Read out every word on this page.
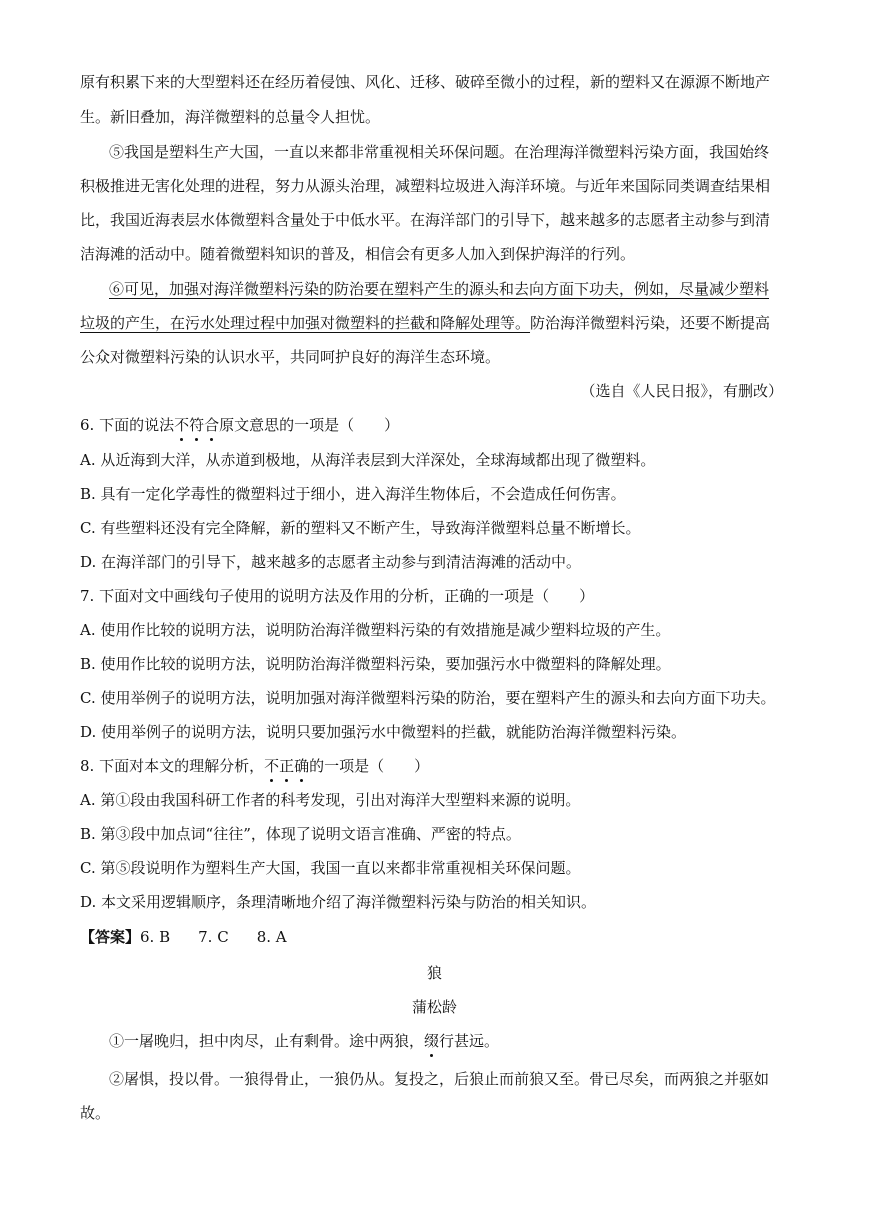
原有积累下来的大型塑料还在经历着侵蚀、风化、迁移、破碎至微小的过程，新的塑料又在源源不断地产
生。新旧叠加，海洋微塑料的总量令人担忧。
⑤我国是塑料生产大国，一直以来都非常重视相关环保问题。在治理海洋微塑料污染方面，我国始终
积极推进无害化处理的进程，努力从源头治理，减塑料垃圾进入海洋环境。与近年来国际同类调查结果相
比，我国近海表层水体微塑料含量处于中低水平。在海洋部门的引导下，越来越多的志愿者主动参与到清
洁海滩的活动中。随着微塑料知识的普及，相信会有更多人加入到保护海洋的行列。
⑥可见，加强对海洋微塑料污染的防治要在塑料产生的源头和去向方面下功夫，例如，尽量减少塑料
垃圾的产生，在污水处理过程中加强对微塑料的拦截和降解处理等。防治海洋微塑料污染，还要不断提高
公众对微塑料污染的认识水平，共同呵护良好的海洋生态环境。
（选自《人民日报》，有删改）
6. 下面的说法不符合原文意思的一项是（　　）
A. 从近海到大洋，从赤道到极地，从海洋表层到大洋深处，全球海域都出现了微塑料。
B. 具有一定化学毒性的微塑料过于细小，进入海洋生物体后，不会造成任何伤害。
C. 有些塑料还没有完全降解，新的塑料又不断产生，导致海洋微塑料总量不断增长。
D. 在海洋部门的引导下，越来越多的志愿者主动参与到清洁海滩的活动中。
7. 下面对文中画线句子使用的说明方法及作用的分析，正确的一项是（　　）
A. 使用作比较的说明方法，说明防治海洋微塑料污染的有效措施是减少塑料垃圾的产生。
B. 使用作比较的说明方法，说明防治海洋微塑料污染，要加强污水中微塑料的降解处理。
C. 使用举例子的说明方法，说明加强对海洋微塑料污染的防治，要在塑料产生的源头和去向方面下功夫。
D. 使用举例子的说明方法，说明只要加强污水中微塑料的拦截，就能防治海洋微塑料污染。
8. 下面对本文的理解分析，不正确的一项是（　　）
A. 第①段由我国科研工作者的科考发现，引出对海洋大型塑料来源的说明。
B. 第③段中加点词“往往”，体现了说明文语言准确、严密的特点。
C. 第⑤段说明作为塑料生产大国，我国一直以来都非常重视相关环保问题。
D. 本文采用逻辑顺序，条理清晰地介绍了海洋微塑料污染与防治的相关知识。
【答案】6. B 7. C 8. A
狼
蒲松龄
①一屠晚归，担中肉尽，止有剩骨。途中两狼，缀行甚远。
②屠惧，投以骨。一狼得骨止，一狼仍从。复投之，后狼止而前狼又至。骨已尽矣，而两狼之并驱如
故。
